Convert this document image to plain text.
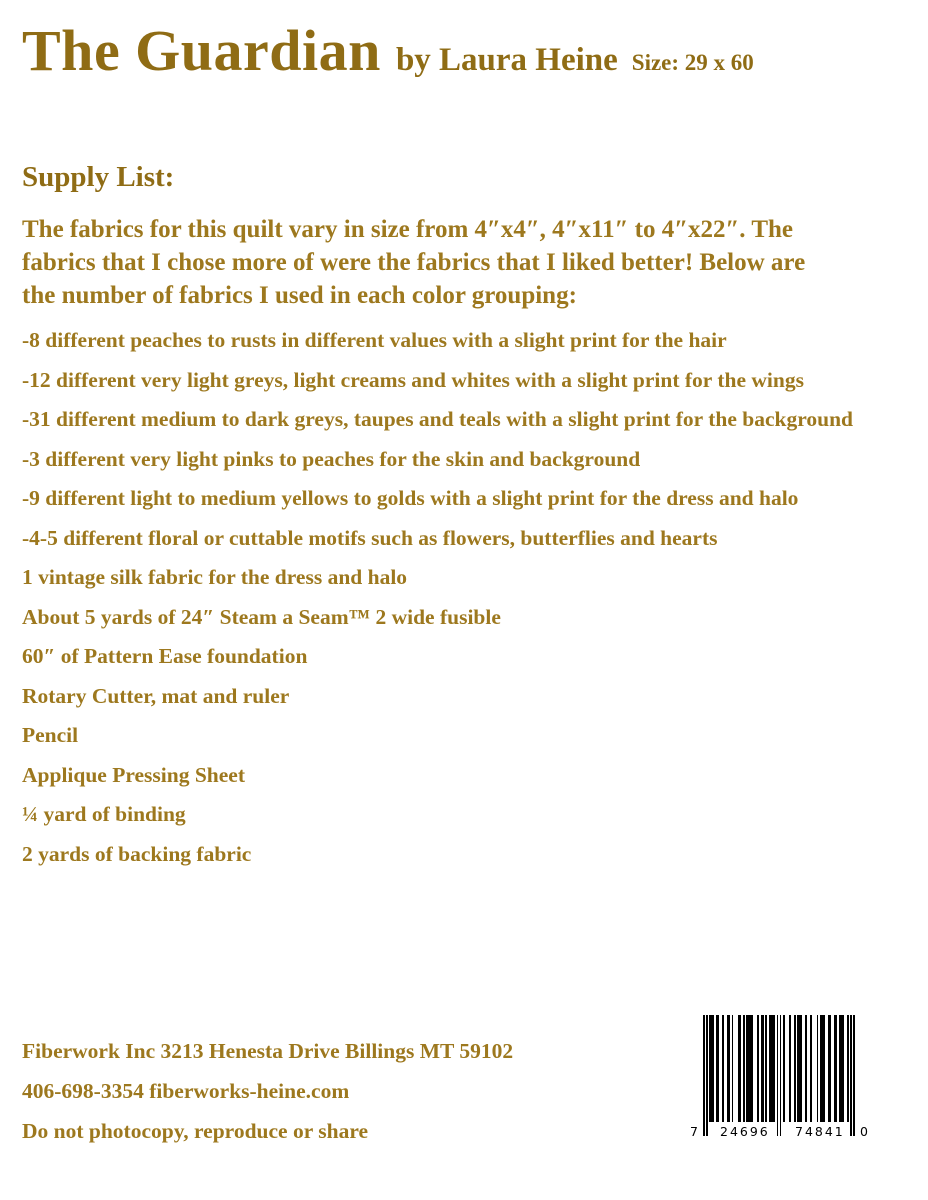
The Guardian by Laura Heine Size: 29 x 60
Supply List:
The fabrics for this quilt vary in size from 4″x4″, 4″x11″ to 4″x22″. The
fabrics that I chose more of were the fabrics that I liked better! Below are
the number of fabrics I used in each color grouping:

-8 different peaches to rusts in different values with a slight print for the hair

-12 different very light greys, light creams and whites with a slight print for the wings

-31 different medium to dark greys, taupes and teals with a slight print for the background

-3 different very light pinks to peaches for the skin and background

-9 different light to medium yellows to golds with a slight print for the dress and halo

-4-5 different floral or cuttable motifs such as flowers, butterflies and hearts

1 vintage silk fabric for the dress and halo

About 5 yards of 24″ Steam a Seam™ 2 wide fusible

60″ of Pattern Ease foundation

Rotary Cutter, mat and ruler

Pencil

Applique Pressing Sheet

¼ yard of binding

2 yards of backing fabric

Fiberwork Inc 3213 Henesta Drive Billings MT 59102

406-698-3354 fiberworks-heine.com

Do not photocopy, reproduce or share	7 24696 74841 0
